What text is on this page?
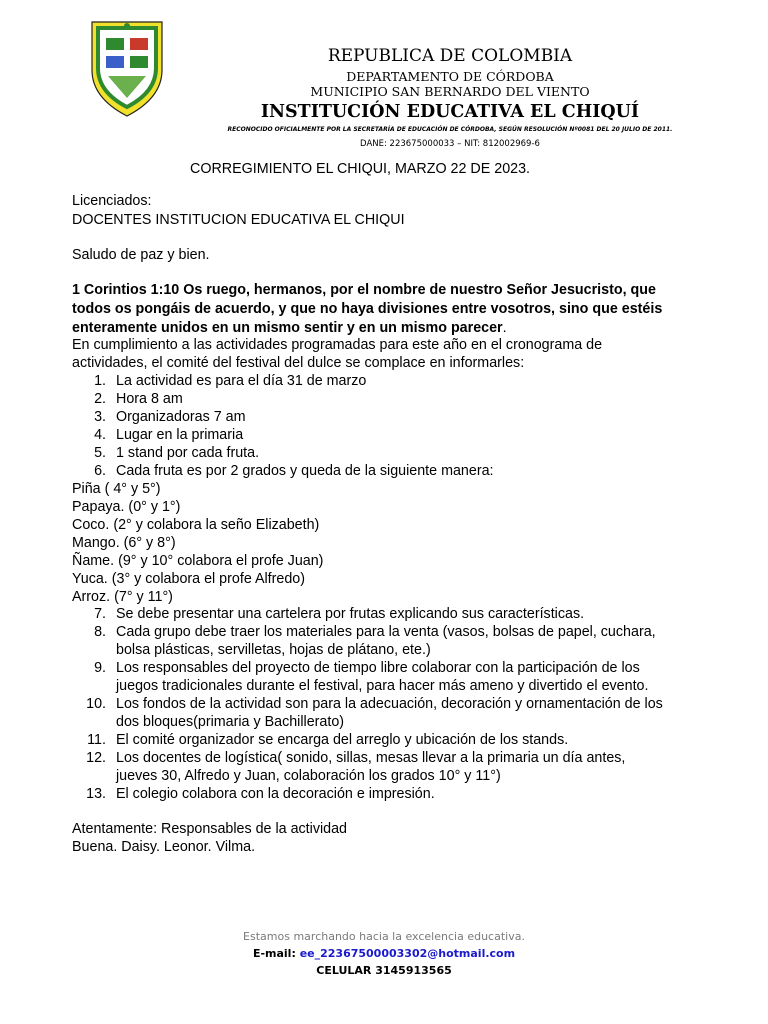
REPUBLICA DE COLOMBIA
DEPARTAMENTO DE CÓRDOBA
MUNICIPIO SAN BERNARDO DEL VIENTO
INSTITUCIÓN EDUCATIVA EL CHIQUÍ
RECONOCIDO OFICIALMENTE POR LA SECRETARÍA DE EDUCACIÓN DE CÓRDOBA, SEGÚN RESOLUCIÓN Nº0081 DEL 20 JULIO DE 2011.
DANE: 223675000033 – NIT: 812002969-6
CORREGIMIENTO EL CHIQUI, MARZO 22 DE 2023.
Licenciados:
DOCENTES INSTITUCION EDUCATIVA EL CHIQUI
Saludo de paz y bien.
1 Corintios 1:10 Os ruego, hermanos, por el nombre de nuestro Señor Jesucristo, que
todos os pongáis de acuerdo, y que no haya divisiones entre vosotros, sino que estéis
enteramente unidos en un mismo sentir y en un mismo parecer.
En cumplimiento a las actividades programadas para este año en el cronograma de
actividades, el comité del festival del dulce se complace en informarles:
1. La actividad es para el día 31 de marzo
2. Hora 8 am
3. Organizadoras 7 am
4. Lugar en la primaria
5. 1 stand por cada fruta.
6. Cada fruta es por 2 grados y queda de la siguiente manera:
Piña ( 4° y 5°)
Papaya. (0° y 1°)
Coco. (2° y colabora la seño Elizabeth)
Mango. (6° y 8°)
Ñame. (9° y 10° colabora el profe Juan)
Yuca. (3° y colabora el profe Alfredo)
Arroz. (7° y 11°)
7. Se debe presentar una cartelera por frutas explicando sus características.
8. Cada grupo debe traer los materiales para la venta (vasos, bolsas de papel, cuchara,
bolsa plásticas, servilletas, hojas de plátano, ete.)
9. Los responsables del proyecto de tiempo libre colaborar con la participación de los
juegos tradicionales durante el festival, para hacer más ameno y divertido el evento.
10. Los fondos de la actividad son para la adecuación, decoración y ornamentación de los
dos bloques(primaria y Bachillerato)
11. El comité organizador se encarga del arreglo y ubicación de los stands.
12. Los docentes de logística( sonido, sillas, mesas llevar a la primaria un día antes,
jueves 30, Alfredo y Juan, colaboración los grados 10° y 11°)
13. El colegio colabora con la decoración e impresión.
Atentamente: Responsables de la actividad
Buena. Daisy. Leonor. Vilma.
Estamos marchando hacia la excelencia educativa.
E-mail: ee_22367500003302@hotmail.com
CELULAR 3145913565
